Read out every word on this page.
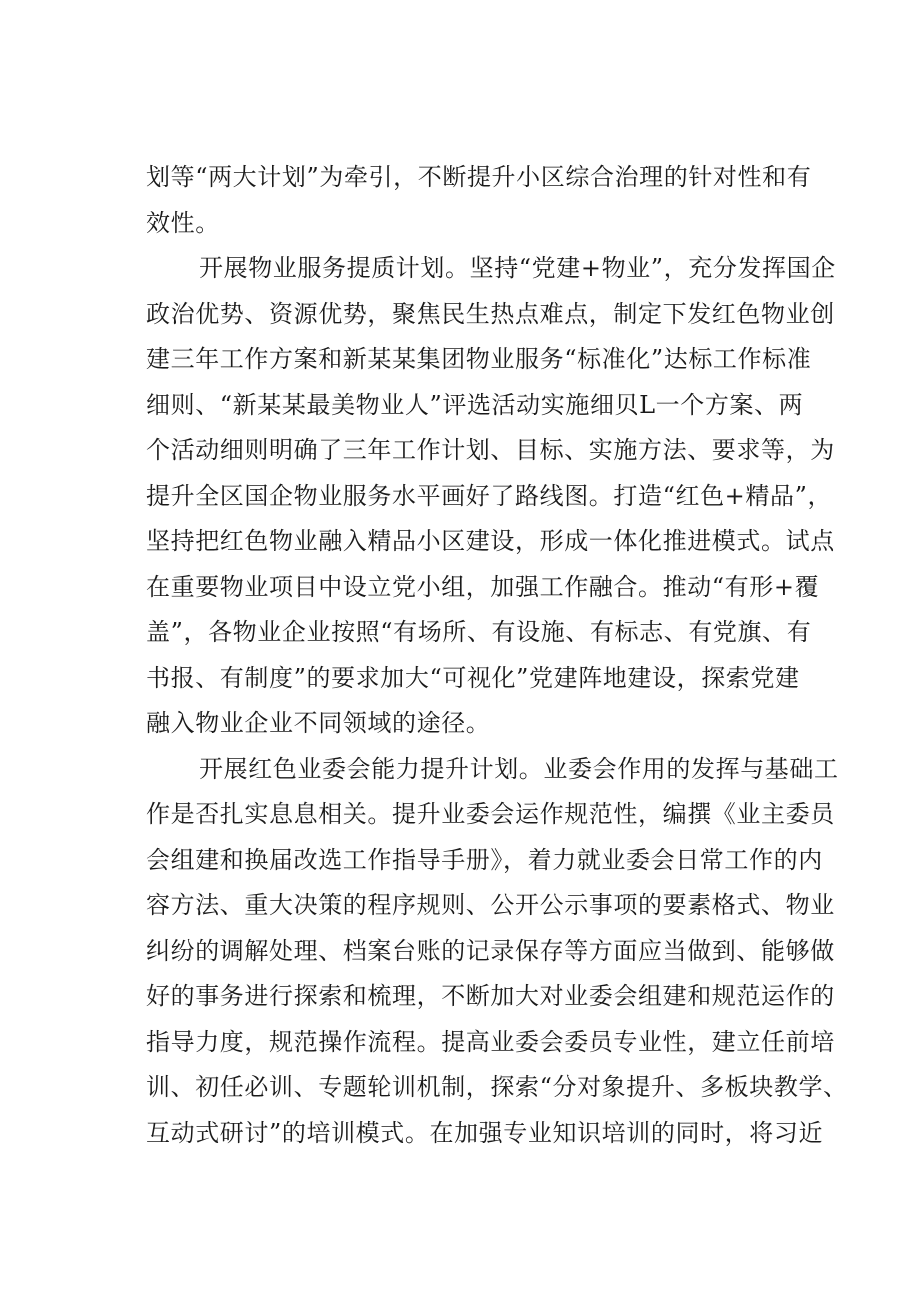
划等“两大计划”为牵引，不断提升小区综合治理的针对性和有
效性。
开展物业服务提质计划。坚持“党建+物业”，充分发挥国企
政治优势、资源优势，聚焦民生热点难点，制定下发红色物业创
建三年工作方案和新某某集团物业服务“标准化”达标工作标准
细则、“新某某最美物业人”评选活动实施细贝L一个方案、两
个活动细则明确了三年工作计划、目标、实施方法、要求等，为
提升全区国企物业服务水平画好了路线图。打造“红色+精品”，
坚持把红色物业融入精品小区建设，形成一体化推进模式。试点
在重要物业项目中设立党小组，加强工作融合。推动“有形+覆
盖”，各物业企业按照“有场所、有设施、有标志、有党旗、有
书报、有制度”的要求加大“可视化”党建阵地建设，探索党建
融入物业企业不同领域的途径。
开展红色业委会能力提升计划。业委会作用的发挥与基础工
作是否扎实息息相关。提升业委会运作规范性，编撰《业主委员
会组建和换届改选工作指导手册》，着力就业委会日常工作的内
容方法、重大决策的程序规则、公开公示事项的要素格式、物业
纠纷的调解处理、档案台账的记录保存等方面应当做到、能够做
好的事务进行探索和梳理，不断加大对业委会组建和规范运作的
指导力度，规范操作流程。提高业委会委员专业性，建立任前培
训、初任必训、专题轮训机制，探索“分对象提升、多板块教学、
互动式研讨”的培训模式。在加强专业知识培训的同时，将习近
